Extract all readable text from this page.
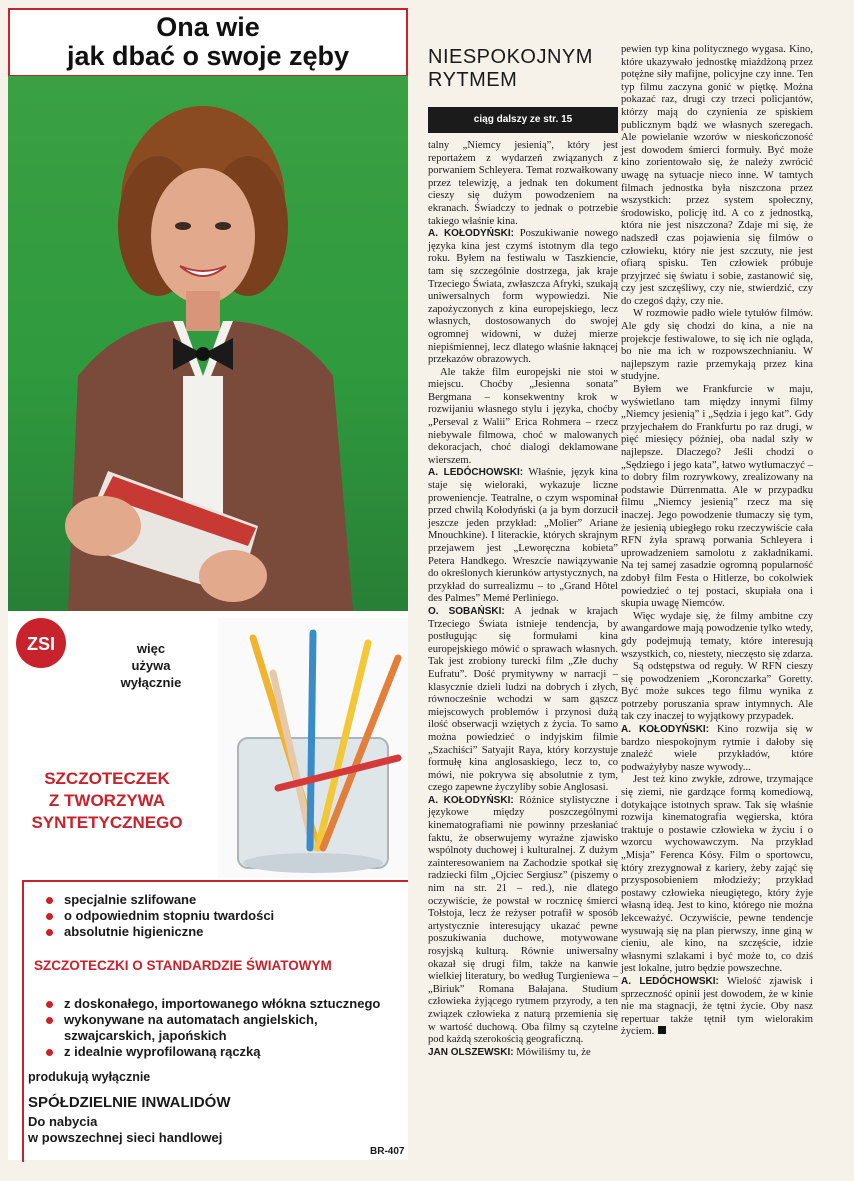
Ona wie
jak dbać o swoje zęby
ZSI	więc
używa
wyłącznie
SZCZOTECZEK
Z TWORZYWA
SYNTETYCZNEGO
specjalnie szlifowane
o odpowiednim stopniu twardości
absolutnie higieniczne
SZCZOTECZKI O STANDARDZIE ŚWIATOWYM
z doskonałego, importowanego włókna sztucznego
wykonywane na automatach angielskich, szwajcarskich, japońskich
z idealnie wyprofilowaną rączką
produkują wyłącznie
SPÓŁDZIELNIE INWALIDÓW
Do nabycia
w powszechnej sieci handlowej
BR-407
NIESPOKOJNYM
RYTMEM
ciąg dalszy ze str. 15

talny „Niemcy jesienią”, który jest reportażem z wydarzeń związanych z porwaniem Schleyera. Temat rozwałkowany przez telewizję, a jednak ten dokument cieszy się dużym powodzeniem na ekranach. Świadczy to jednak o potrzebie takiego właśnie kina.

A. KOŁODYŃSKI: Poszukiwanie nowego języka kina jest czymś istotnym dla tego roku. Byłem na festiwalu w Taszkiencie, tam się szczególnie dostrzega, jak kraje Trzeciego Świata, zwłaszcza Afryki, szukają uniwersalnych form wypowiedzi. Nie zapożyczonych z kina europejskiego, lecz własnych, dostosowanych do swojej ogromnej widowni, w dużej mierze niepiśmiennej, lecz dlatego właśnie łaknącej przekazów obrazowych.

Ale także film europejski nie stoi w miejscu. Choćby „Jesienna sonata” Bergmana – konsekwentny krok w rozwijaniu własnego stylu i języka, choćby „Perseval z Walii” Erica Rohmera – rzecz niebywale filmowa, choć w malowanych dekoracjach, choć dialogi deklamowane wierszem.

A. LEDÓCHOWSKI: Właśnie, język kina staje się wieloraki, wykazuje liczne proweniencje. Teatralne, o czym wspominał przed chwilą Kołodyński (a ja bym dorzucił jeszcze jeden przykład: „Molier” Ariane Mnouchkine). I literackie, których skrajnym przejawem jest „Leworęczna kobieta” Petera Handkego. Wreszcie nawiązywanie do określonych kierunków artystycznych, na przykład do surrealizmu – to „Grand Hôtel des Palmes” Memé Perliniego.

O. SOBAŃSKI: A jednak w krajach Trzeciego Świata istnieje tendencja, by postługując się formułami kina europejskiego mówić o sprawach własnych. Tak jest zrobiony turecki film „Złe duchy Eufratu”. Dość prymitywny w narracji – klasycznie dzieli ludzi na dobrych i złych, równocześnie wchodzi w sam gąszcz miejscowych problemów i przynosi dużą ilość obserwacji wziętych z życia. To samo można powiedzieć o indyjskim filmie „Szachiści” Satyajit Raya, który korzystuje formułę kina anglosaskiego, lecz to, co mówi, nie pokrywa się absolutnie z tym, czego zapewne życzyliby sobie Anglosasi.

A. KOŁODYŃSKI: Różnice stylistyczne i językowe między poszczególnymi kinematografiami nie powinny przesłaniać faktu, że obserwujemy wyraźne zjawisko wspólnoty duchowej i kulturalnej. Z dużym zainteresowaniem na Zachodzie spotkał się radziecki film „Ojciec Sergiusz” (piszemy o nim na str. 21 – red.), nie dlatego oczywiście, że powstał w rocznicę śmierci Tołstoja, lecz że reżyser potrafił w sposób artystycznie interesujący ukazać pewne poszukiwania duchowe, motywowane rosyjską kulturą. Równie uniwersalny okazał się drugi film, także na kanwie wielkiej literatury, bo według Turgieniewa – „Biriuk” Romana Bałajana. Studium człowieka żyjącego rytmem przyrody, a ten związek człowieka z naturą przemienia się w wartość duchową. Oba filmy są czytelne pod każdą szerokością geograficzną.

JAN OLSZEWSKI: Mówiliśmy tu, że

pewien typ kina politycznego wygasa. Kino, które ukazywało jednostkę miażdżoną przez potężne siły mafijne, policyjne czy inne. Ten typ filmu zaczyna gonić w piętkę. Można pokazać raz, drugi czy trzeci policjantów, którzy mają do czynienia ze spiskiem publicznym bądź we własnych szeregach. Ale powielanie wzorów w nieskończoność jest dowodem śmierci formuły. Być może kino zorientowało się, że należy zwrócić uwagę na sytuacje nieco inne. W tamtych filmach jednostka była niszczona przez wszystkich: przez system społeczny, środowisko, policję itd. A co z jednostką, która nie jest niszczona? Zdaje mi się, że nadszedł czas pojawienia się filmów o człowieku, który nie jest szczuty, nie jest ofiarą spisku. Ten człowiek próbuje przyjrzeć się światu i sobie, zastanowić się, czy jest szczęśliwy, czy nie, stwierdzić, czy do czegoś dąży, czy nie.

W rozmowie padło wiele tytułów filmów. Ale gdy się chodzi do kina, a nie na projekcje festiwalowe, to się ich nie ogląda, bo nie ma ich w rozpowszechnianiu. W najlepszym razie przemykają przez kina studyjne.

Byłem we Frankfurcie w maju, wyświetlano tam między innymi filmy „Niemcy jesienią” i „Sędzia i jego kat”. Gdy przyjechałem do Frankfurtu po raz drugi, w pięć miesięcy później, oba nadal szły w najlepsze. Dlaczego? Jeśli chodzi o „Sędziego i jego kata”, łatwo wytłumaczyć – to dobry film rozrywkowy, zrealizowany na podstawie Dürrenmatta. Ale w przypadku filmu „Niemcy jesienią” rzecz ma się inaczej. Jego powodzenie tłumaczy się tym, że jesienią ubiegłego roku rzeczywiście cała RFN żyła sprawą porwania Schleyera i uprowadzeniem samolotu z zakładnikami. Na tej samej zasadzie ogromną popularność zdobył film Festa o Hitlerze, bo cokolwiek powiedzieć o tej postaci, skupiała ona i skupia uwagę Niemców.

Więc wydaje się, że filmy ambitne czy awangardowe mają powodzenie tylko wtedy, gdy podejmują tematy, które interesują wszystkich, co, niestety, nieczęsto się zdarza.

Są odstępstwa od reguły. W RFN cieszy się powodzeniem „Koronczarka” Goretty. Być może sukces tego filmu wynika z potrzeby poruszania spraw intymnych. Ale tak czy inaczej to wyjątkowy przypadek.

A. KOŁODYŃSKI: Kino rozwija się w bardzo niespokojnym rytmie i dałoby się znaleźć wiele przykładów, które podważyłyby nasze wywody...

Jest też kino zwykłe, zdrowe, trzymające się ziemi, nie gardzące formą komediową, dotykające istotnych spraw. Tak się właśnie rozwija kinematografia węgierska, która traktuje o postawie człowieka w życiu i o wzorcu wychowawczym. Na przykład „Misja” Ferenca Kósy. Film o sportowcu, który zrezygnował z kariery, żeby zająć się przysposobieniem młodzieży; przykład postawy człowieka nieugiętego, który żyje własną ideą. Jest to kino, którego nie można lekceważyć. Oczywiście, pewne tendencje wysuwają się na plan pierwszy, inne giną w cieniu, ale kino, na szczęście, idzie własnymi szlakami i być może to, co dziś jest lokalne, jutro będzie powszechne.

A. LEDÓCHOWSKI: Wielość zjawisk i sprzeczność opinii jest dowodem, że w kinie nie ma stagnacji, że tętni życie. Oby nasz repertuar także tętnił tym wielorakim życiem.
